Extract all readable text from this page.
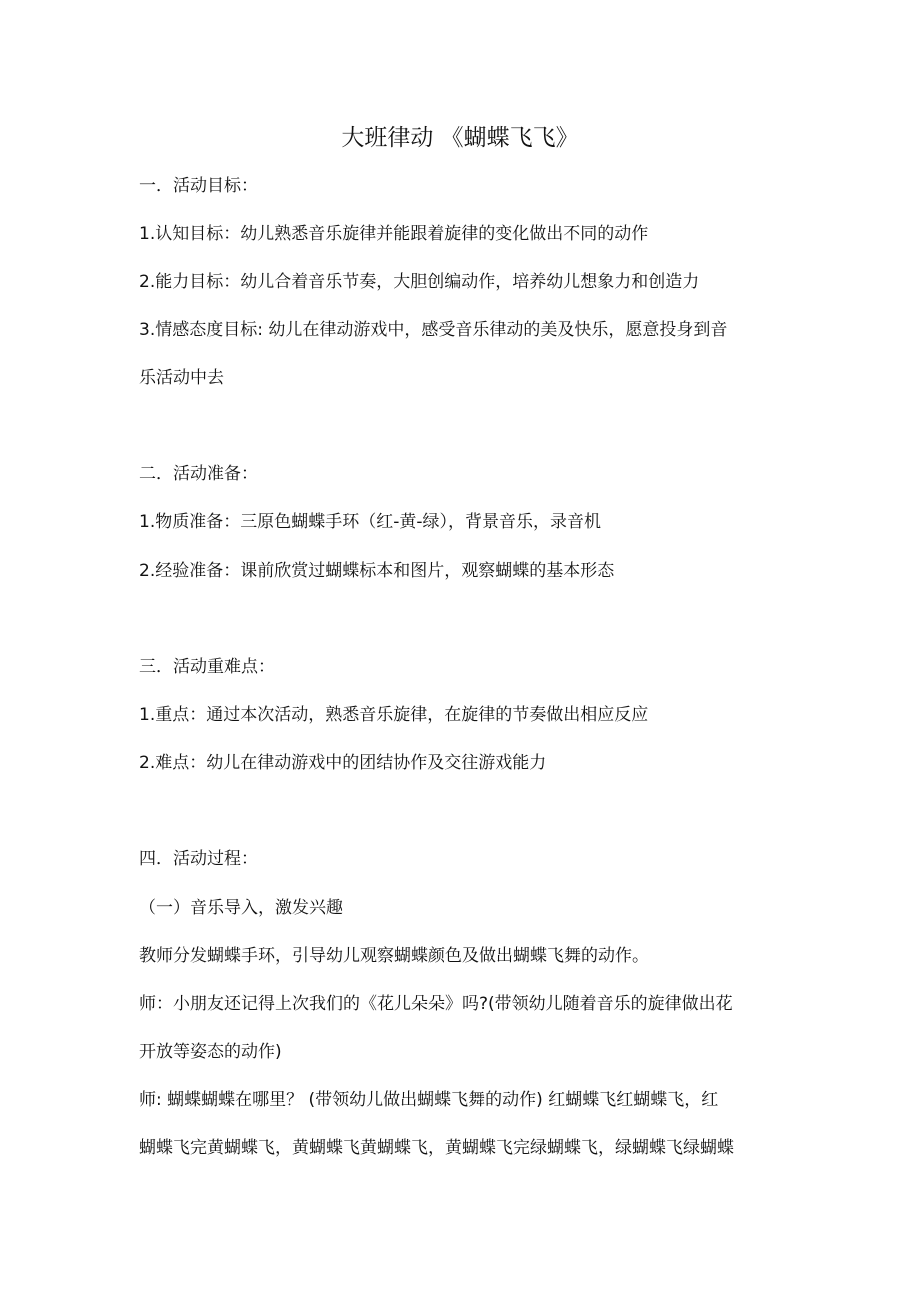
大班律动 《蝴蝶飞飞》
一．活动目标：
1.认知目标：幼儿熟悉音乐旋律并能跟着旋律的变化做出不同的动作
2.能力目标：幼儿合着音乐节奏，大胆创编动作，培养幼儿想象力和创造力
3.情感态度目标: 幼儿在律动游戏中，感受音乐律动的美及快乐，愿意投身到音
乐活动中去
二．活动准备：
1.物质准备：三原色蝴蝶手环（红-黄-绿），背景音乐，录音机
2.经验准备：课前欣赏过蝴蝶标本和图片，观察蝴蝶的基本形态
三．活动重难点：
1.重点：通过本次活动，熟悉音乐旋律，在旋律的节奏做出相应反应
2.难点：幼儿在律动游戏中的团结协作及交往游戏能力
四．活动过程：
（一）音乐导入，激发兴趣
教师分发蝴蝶手环，引导幼儿观察蝴蝶颜色及做出蝴蝶飞舞的动作。
师：小朋友还记得上次我们的《花儿朵朵》吗?(带领幼儿随着音乐的旋律做出花
开放等姿态的动作)
师: 蝴蝶蝴蝶在哪里？ (带领幼儿做出蝴蝶飞舞的动作) 红蝴蝶飞红蝴蝶飞，红
蝴蝶飞完黄蝴蝶飞，黄蝴蝶飞黄蝴蝶飞，黄蝴蝶飞完绿蝴蝶飞，绿蝴蝶飞绿蝴蝶
